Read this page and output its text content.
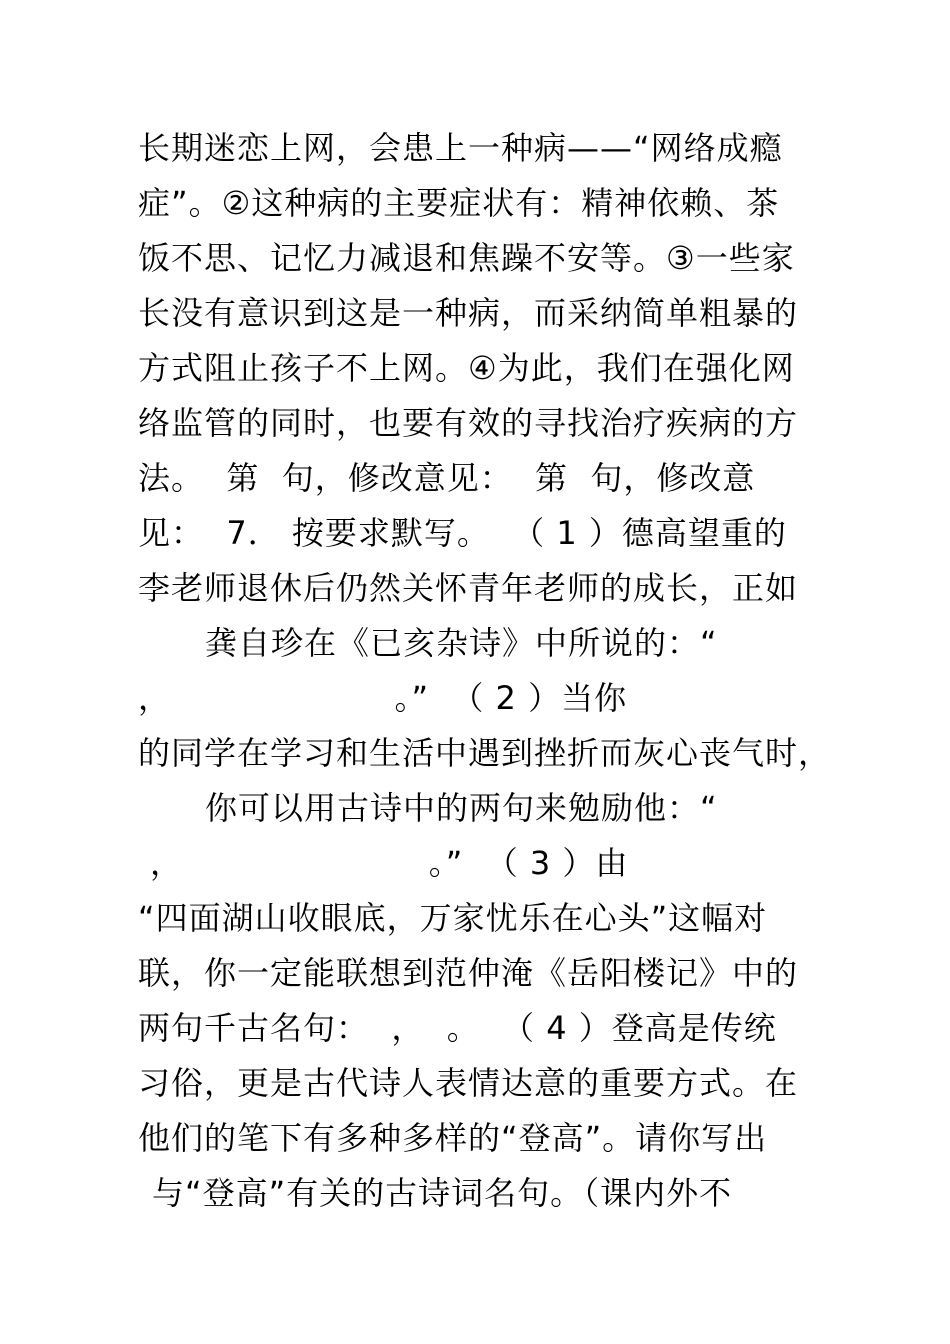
长期迷恋上网，会患上一种病——“网络成瘾
症”。②这种病的主要症状有：精神依赖、茶
饭不思、记忆力减退和焦躁不安等。③一些家
长没有意识到这是一种病，而采纳简单粗暴的
方式阻止孩子不上网。④为此，我们在强化网
络监管的同时，也要有效的寻找治疗疾病的方
法。  第  句，修改意见：  第  句，修改意
见：  7． 按要求默写。  （ 1 ）德高望重的
李老师退休后仍然关怀青年老师的成长，正如
龚自珍在《已亥杂诗》中所说的：“
，                    。”  （ 2 ）当你
的同学在学习和生活中遇到挫折而灰心丧气时，
你可以用古诗中的两句来勉励他：“
，                      。”  （ 3 ）由
“四面湖山收眼底，万家忧乐在心头”这幅对
联，你一定能联想到范仲淹《岳阳楼记》中的
两句千古名句：  ，  。  （ 4 ）登高是传统
习俗，更是古代诗人表情达意的重要方式。在
他们的笔下有多种多样的“登高”。请你写出
与“登高”有关的古诗词名句。（课内外不
